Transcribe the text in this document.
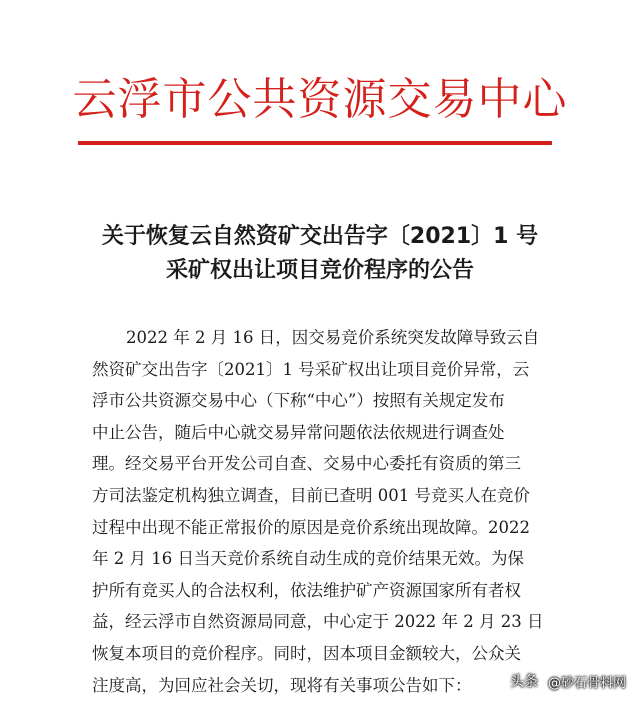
云浮市公共资源交易中心
关于恢复云自然资矿交出告字〔2021〕1 号
采矿权出让项目竞价程序的公告
2022 年 2 月 16 日，因交易竞价系统突发故障导致云自
然资矿交出告字〔2021〕1 号采矿权出让项目竞价异常，云
浮市公共资源交易中心（下称“中心”）按照有关规定发布
中止公告，随后中心就交易异常问题依法依规进行调查处
理。经交易平台开发公司自查、交易中心委托有资质的第三
方司法鉴定机构独立调查，目前已查明 001 号竞买人在竞价
过程中出现不能正常报价的原因是竞价系统出现故障。2022
年 2 月 16 日当天竞价系统自动生成的竞价结果无效。为保
护所有竞买人的合法权利，依法维护矿产资源国家所有者权
益，经云浮市自然资源局同意，中心定于 2022 年 2 月 23 日
恢复本项目的竞价程序。同时，因本项目金额较大，公众关
注度高，为回应社会关切，现将有关事项公告如下：	头条 @砂石骨料网
